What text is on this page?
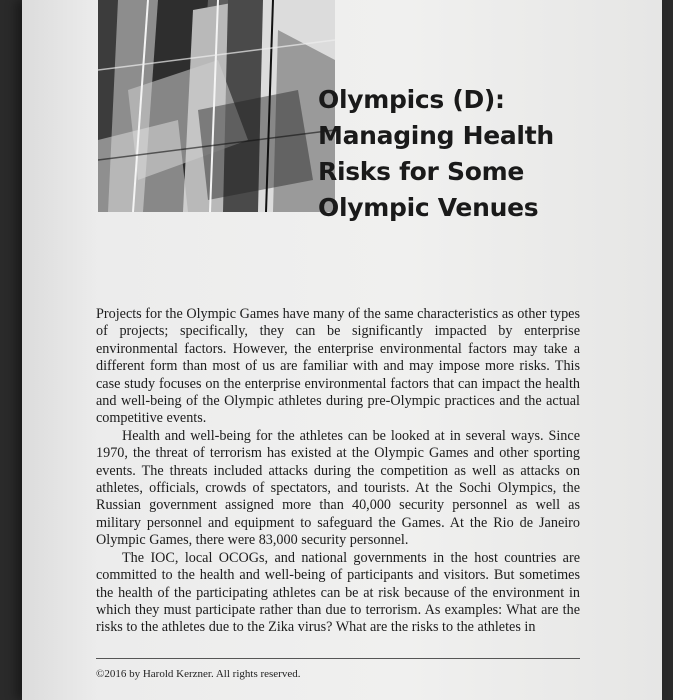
Olympics (D):
Managing Health
Risks for Some
Olympic Venues

Projects for the Olympic Games have many of the same characteristics as other types of projects; specifically, they can be significantly impacted by enterprise environmental factors. However, the enterprise environmental factors may take a different form than most of us are familiar with and may impose more risks. This case study focuses on the enterprise environmental factors that can impact the health and well-being of the Olympic athletes during pre-Olympic practices and the actual competitive events.

Health and well-being for the athletes can be looked at in several ways. Since 1970, the threat of terrorism has existed at the Olympic Games and other sporting events. The threats included attacks during the competition as well as attacks on athletes, officials, crowds of spectators, and tourists. At the Sochi Olympics, the Russian government assigned more than 40,000 security personnel as well as military personnel and equipment to safeguard the Games. At the Rio de Janeiro Olympic Games, there were 83,000 security personnel.

The IOC, local OCOGs, and national governments in the host countries are committed to the health and well-being of participants and visitors. But sometimes the health of the participating athletes can be at risk because of the environment in which they must participate rather than due to terrorism. As examples: What are the risks to the athletes due to the Zika virus? What are the risks to the athletes in

©2016 by Harold Kerzner. All rights reserved.
